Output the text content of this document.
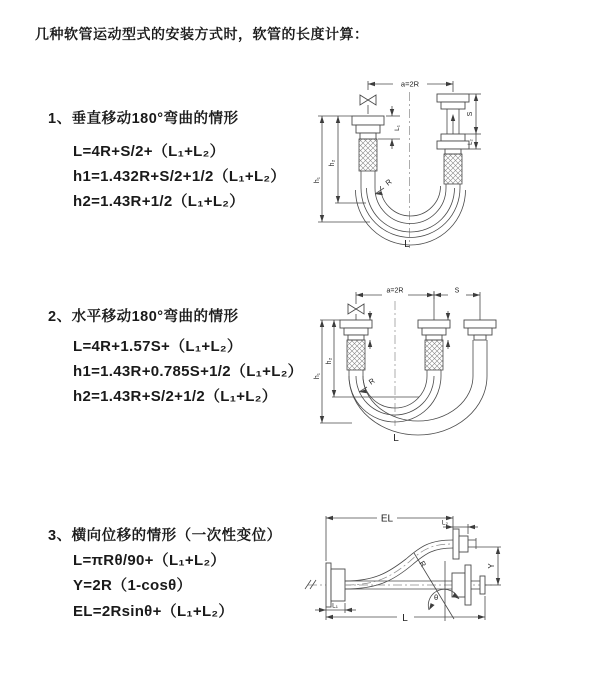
几种软管运动型式的安装方式时，软管的长度计算：
1、垂直移动180°弯曲的情形
L=4R+S/2+（L₁+L₂）
h1=1.432R+S/2+1/2（L₁+L₂）
h2=1.43R+1/2（L₁+L₂）
a=2R
h₁
h₂
L₁
S
L₂
R
L
2、水平移动180°弯曲的情形
L=4R+1.57S+（L₁+L₂）
h1=1.43R+0.785S+1/2（L₁+L₂）
h2=1.43R+S/2+1/2（L₁+L₂）
a=2R	S
h₁
h₂
R
L
3、横向位移的情形（一次性变位）
L=πRθ/90+（L₁+L₂）
Y=2R（1-cosθ）
EL=2Rsinθ+（L₁+L₂）
EL	L₂
R
θ
Y
L₁
L
